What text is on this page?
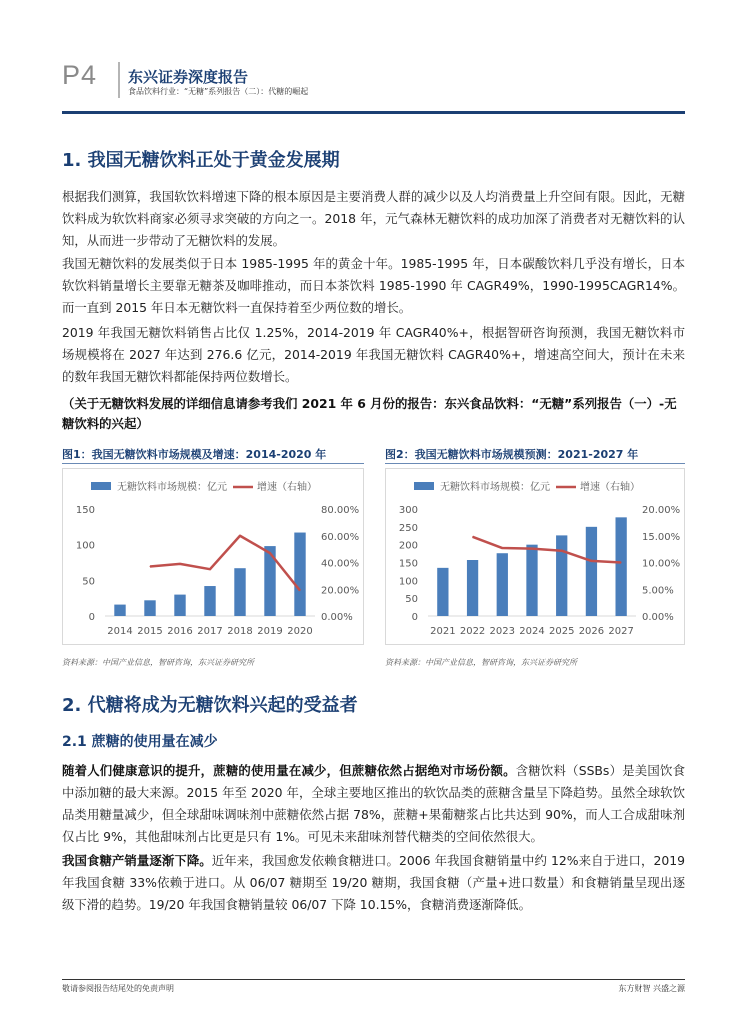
P4 东兴证券深度报告
食品饮料行业：“无糖”系列报告（二）：代糖的崛起
1. 我国无糖饮料正处于黄金发展期
根据我们测算，我国软饮料增速下降的根本原因是主要消费人群的减少以及人均消费量上升空间有限。因此，无糖饮料成为软饮料商家必须寻求突破的方向之一。2018 年，元气森林无糖饮料的成功加深了消费者对无糖饮料的认知，从而进一步带动了无糖饮料的发展。
我国无糖饮料的发展类似于日本 1985-1995 年的黄金十年。1985-1995 年，日本碳酸饮料几乎没有增长，日本软饮料销量增长主要靠无糖茶及咖啡推动，而日本茶饮料 1985-1990 年 CAGR49%，1990-1995CAGR14%。而一直到 2015 年日本无糖饮料一直保持着至少两位数的增长。
2019 年我国无糖饮料销售占比仅 1.25%，2014-2019 年 CAGR40%+，根据智研咨询预测，我国无糖饮料市场规模将在 2027 年达到 276.6 亿元，2014-2019 年我国无糖饮料 CAGR40%+，增速高空间大，预计在未来的数年我国无糖饮料都能保持两位数增长。
（关于无糖饮料发展的详细信息请参考我们 2021 年 6 月份的报告：东兴食品饮料：“无糖”系列报告（一）-无糖饮料的兴起）
图1：我国无糖饮料市场规模及增速：2014-2020 年
无糖饮料市场规模：亿元	增速（右轴）
0
50
100
150
0.00%
20.00%
40.00%
60.00%
80.00%
2014 2015 2016 2017 2018 2019 2020
资料来源：中国产业信息，智研咨询，东兴证券研究所
图2：我国无糖饮料市场规模预测：2021-2027 年
无糖饮料市场规模：亿元	增速（右轴）
0
50
100
150
200
250
300
0.00%
5.00%
10.00%
15.00%
20.00%
2021 2022 2023 2024 2025 2026 2027
资料来源：中国产业信息，智研咨询，东兴证券研究所
2. 代糖将成为无糖饮料兴起的受益者
2.1 蔗糖的使用量在减少
随着人们健康意识的提升，蔗糖的使用量在减少，但蔗糖依然占据绝对市场份额。含糖饮料（SSBs）是美国饮食中添加糖的最大来源。2015 年至 2020 年，全球主要地区推出的软饮品类的蔗糖含量呈下降趋势。虽然全球软饮品类用糖量减少，但全球甜味调味剂中蔗糖依然占据 78%，蔗糖+果葡糖浆占比共达到 90%，而人工合成甜味剂仅占比 9%，其他甜味剂占比更是只有 1%。可见未来甜味剂替代糖类的空间依然很大。
我国食糖产销量逐渐下降。近年来，我国愈发依赖食糖进口。2006 年我国食糖销量中约 12%来自于进口，2019 年我国食糖 33%依赖于进口。从 06/07 糖期至 19/20 糖期，我国食糖（产量+进口数量）和食糖销量呈现出逐级下滑的趋势。19/20 年我国食糖销量较 06/07 下降 10.15%，食糖消费逐渐降低。
敬请参阅报告结尾处的免责声明	东方财智 兴盛之源
